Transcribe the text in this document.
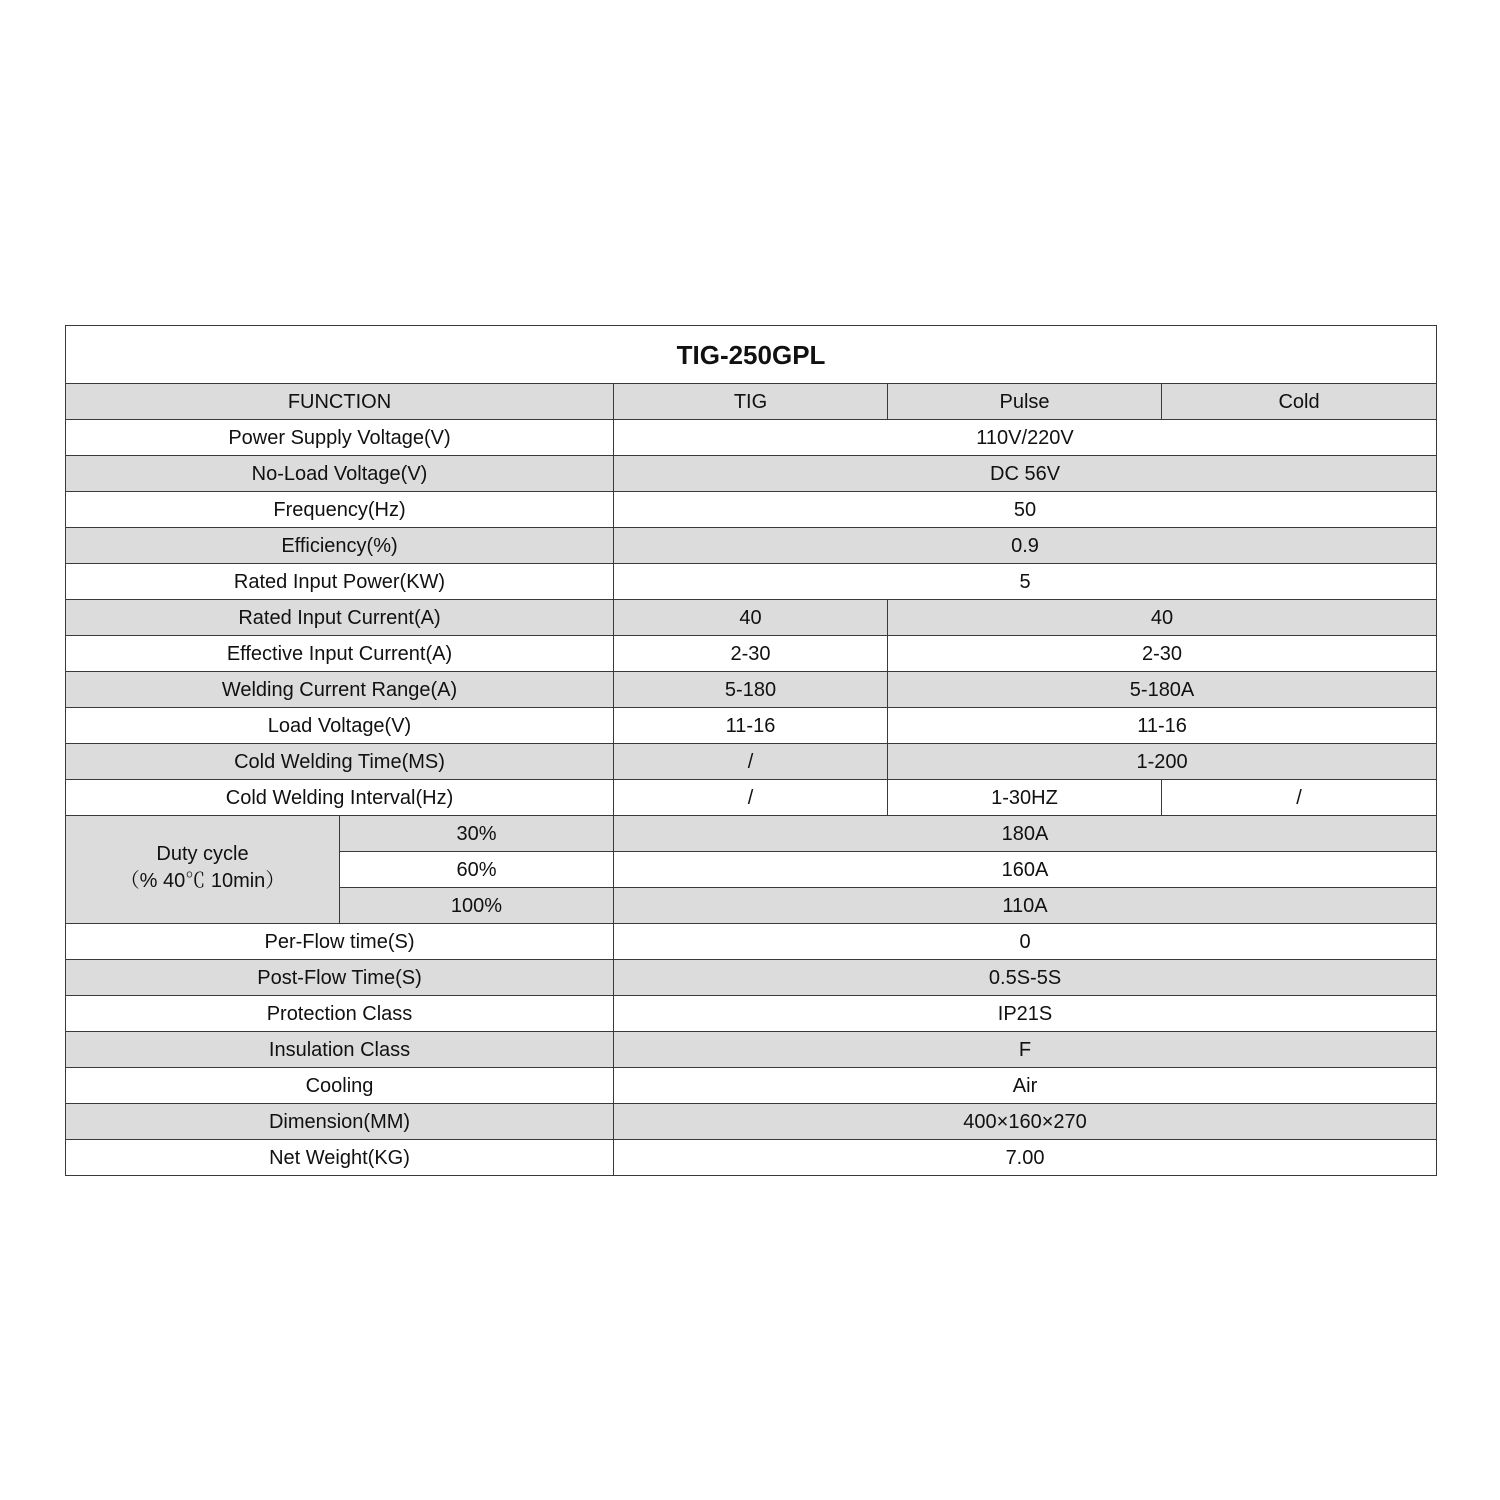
TIG-250GPL				
FUNCTION		TIG	Pulse	Cold
Power Supply Voltage(V)		110V/220V		
No-Load Voltage(V)		DC 56V		
Frequency(Hz)		50		
Efficiency(%)		0.9		
Rated Input Power(KW)		5		
Rated Input Current(A)		40	40	
Effective Input Current(A)		2-30	2-30	
Welding Current Range(A)		5-180	5-180A	
Load Voltage(V)		11-16	11-16	
Cold Welding Time(MS)		/	1-200	
Cold Welding Interval(Hz)		/	1-30HZ	/

Duty cycle
（% 40℃ 10min）	30%	180A		
	60%	160A		
	100%	110A		
Per-Flow time(S)		0		
Post-Flow Time(S)		0.5S-5S		
Protection Class		IP21S		
Insulation Class		F		
Cooling		Air		
Dimension(MM)		400×160×270		
Net Weight(KG)		7.00		
